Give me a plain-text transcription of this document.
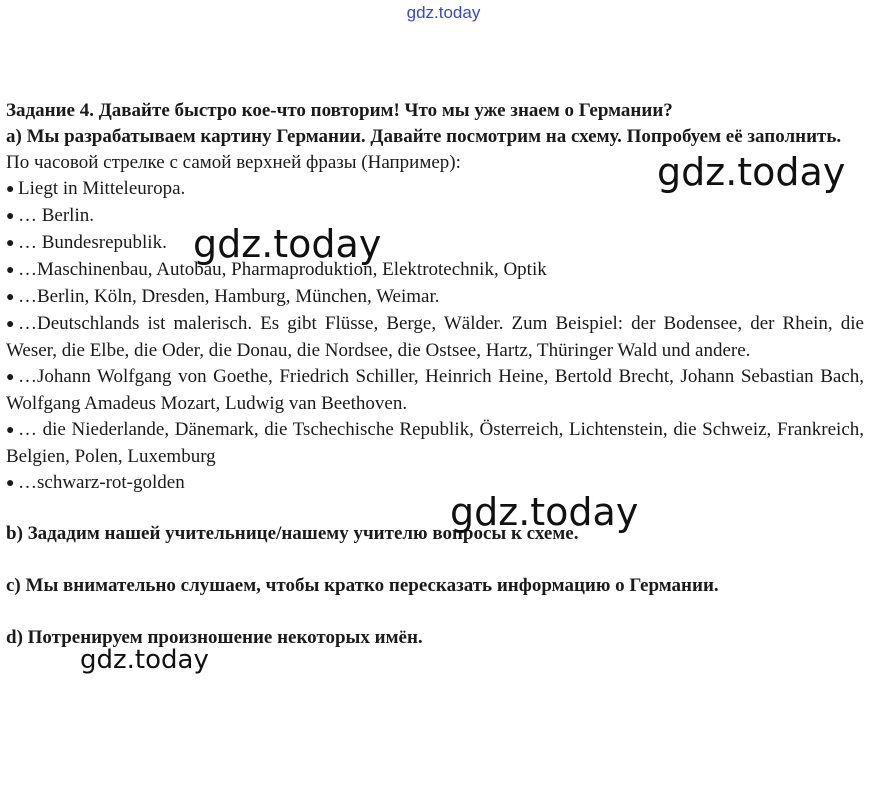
gdz.today

Задание 4. Давайте быстро кое-что повторим! Что мы уже знаем о Германии?

а) Мы разрабатываем картину Германии. Давайте посмотрим на схему. Попробуем её заполнить.

По часовой стрелке с самой верхней фразы (Например):

● Liegt in Mitteleuropa.

● … Berlin.

● … Bundesrepublik.

● …Maschinenbau, Autobau, Pharmaproduktion, Elektrotechnik, Optik

● …Berlin, Köln, Dresden, Hamburg, München, Weimar.

● …Deutschlands ist malerisch. Es gibt Flüsse, Berge, Wälder. Zum Beispiel: der Bodensee, der Rhein, die Weser, die Elbe, die Oder, die Donau, die Nordsee, die Ostsee, Hartz, Thüringer Wald und andere.

● …Johann Wolfgang von Goethe, Friedrich Schiller, Heinrich Heine, Bertold Brecht, Johann Sebastian Bach, Wolfgang Amadeus Mozart, Ludwig van Beethoven.

● … die Niederlande, Dänemark, die Tschechische Republik, Österreich, Lichtenstein, die Schweiz, Frankreich, Belgien, Polen, Luxemburg

● …schwarz-rot-golden

b) Зададим нашей учительнице/нашему учителю вопросы к схеме.

c) Мы внимательно слушаем, чтобы кратко пересказать информацию о Германии.

d) Потренируем произношение некоторых имён.

gdz.today
gdz.today
gdz.today
gdz.today
